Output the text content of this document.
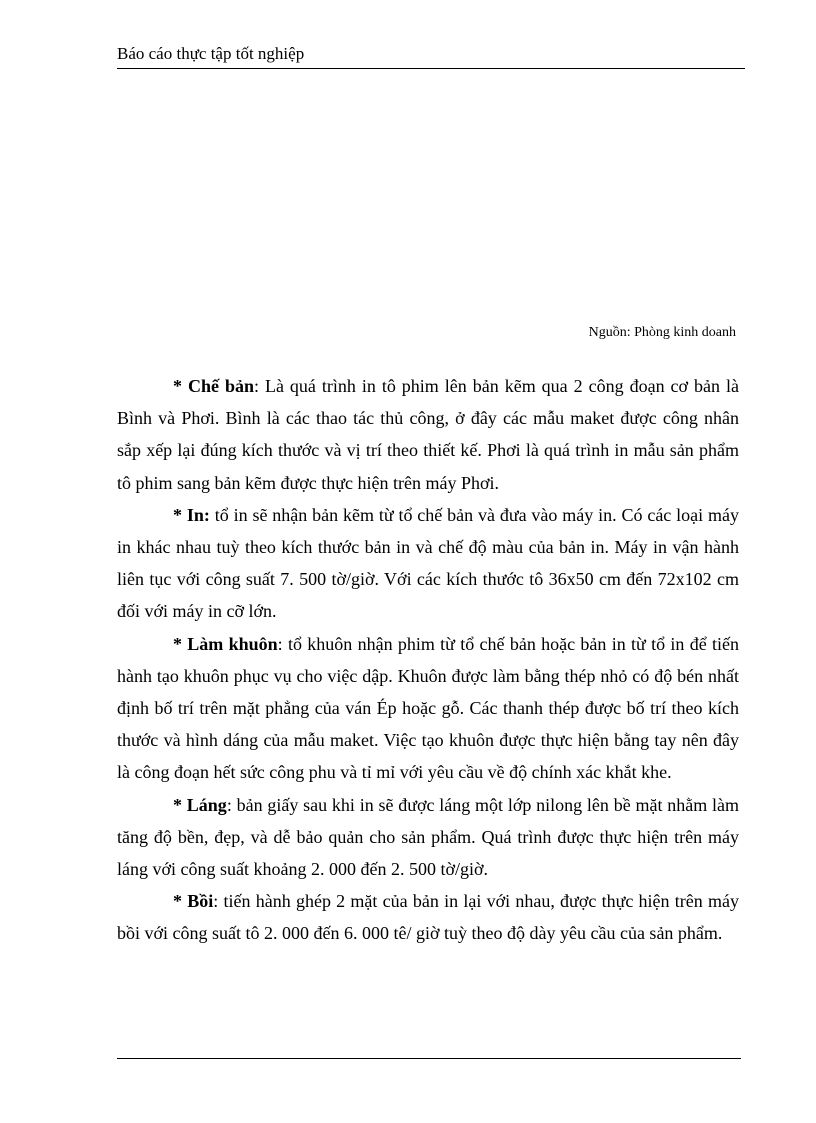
Báo cáo thực tập tốt nghiệp
Nguồn: Phòng kinh doanh

* Chế bản: Là quá trình in tô phim lên bản kẽm qua 2 công đoạn cơ bản là Bình và Phơi. Bình là các thao tác thủ công, ở đây các mẫu maket được công nhân sắp xếp lại đúng kích thước và vị trí theo thiết kế. Phơi là quá trình in mẫu sản phẩm tô phim sang bản kẽm được thực hiện trên máy Phơi.

* In: tổ in sẽ nhận bản kẽm từ tổ chế bản và đưa vào máy in. Có các loại máy in khác nhau tuỳ theo kích thước bản in và chế độ màu của bản in. Máy in vận hành liên tục với công suất 7. 500 tờ/giờ. Với các kích thước tô 36x50 cm đến 72x102 cm đối với máy in cỡ lớn.

* Làm khuôn: tổ khuôn nhận phim từ tổ chế bản hoặc bản in từ tổ in để tiến hành tạo khuôn phục vụ cho việc dập. Khuôn được làm bằng thép nhỏ có độ bén nhất định bố trí trên mặt phẳng của ván Ép hoặc gỗ. Các thanh thép được bố trí theo kích thước và hình dáng của mẫu maket. Việc tạo khuôn được thực hiện bằng tay nên đây là công đoạn hết sức công phu và tỉ mỉ với yêu cầu về độ chính xác khắt khe.

* Láng: bản giấy sau khi in sẽ được láng một lớp nilong lên bề mặt nhằm làm tăng độ bền, đẹp, và dễ bảo quản cho sản phẩm. Quá trình được thực hiện trên máy láng với công suất khoảng 2. 000 đến 2. 500 tờ/giờ.

* Bồi: tiến hành ghép 2 mặt của bản in lại với nhau, được thực hiện trên máy bồi với công suất tô 2. 000 đến 6. 000 tê/ giờ tuỳ theo độ dày yêu cầu của sản phẩm.
